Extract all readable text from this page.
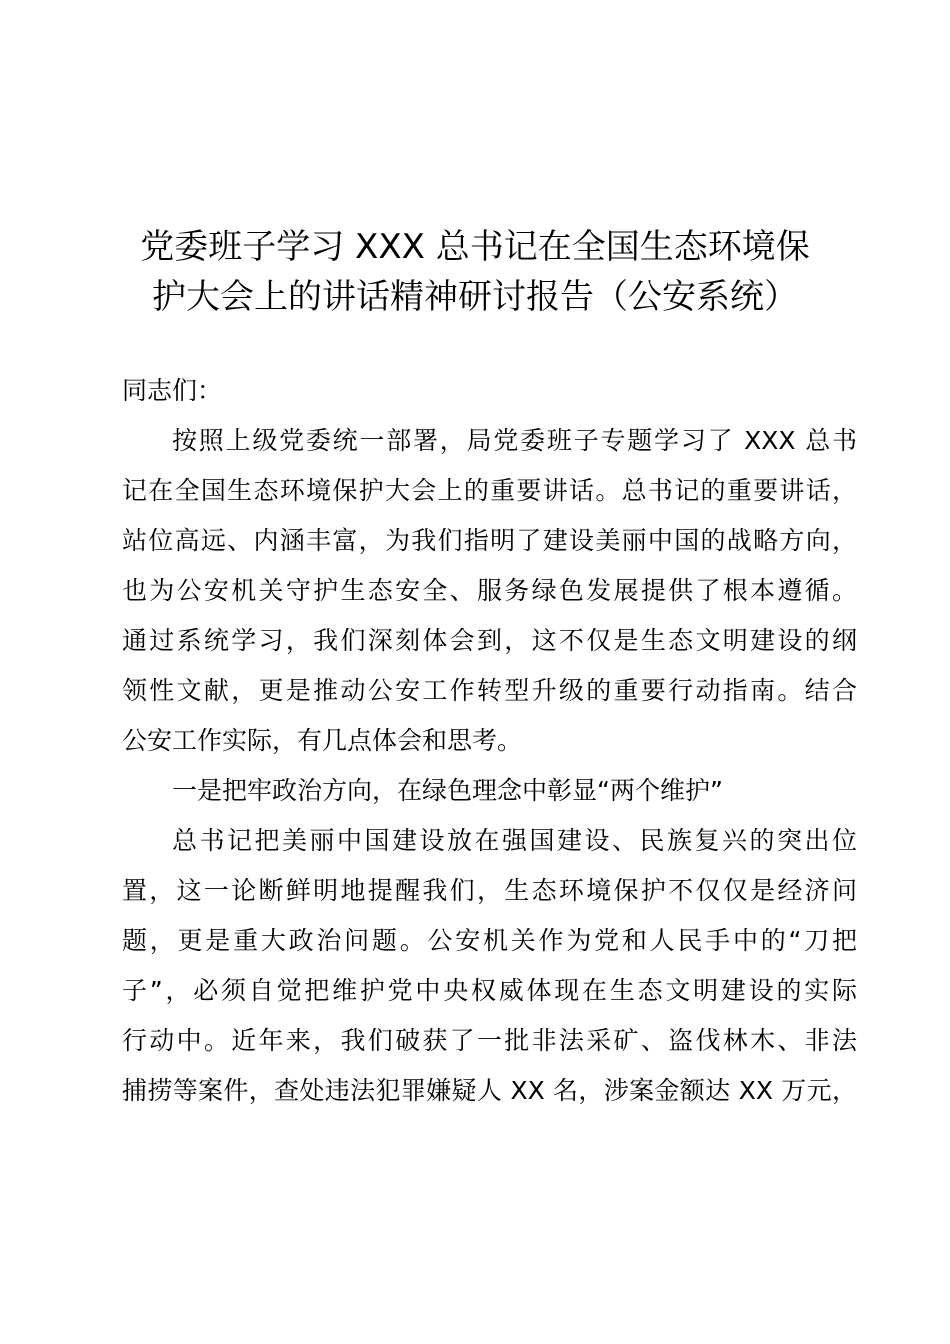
党委班子学习 XXX 总书记在全国生态环境保
护大会上的讲话精神研讨报告（公安系统）
同志们：
按照上级党委统一部署，局党委班子专题学习了 XXX 总书
记在全国生态环境保护大会上的重要讲话。总书记的重要讲话，
站位高远、内涵丰富，为我们指明了建设美丽中国的战略方向，
也为公安机关守护生态安全、服务绿色发展提供了根本遵循。
通过系统学习，我们深刻体会到，这不仅是生态文明建设的纲
领性文献，更是推动公安工作转型升级的重要行动指南。结合
公安工作实际，有几点体会和思考。
一是把牢政治方向，在绿色理念中彰显“两个维护”
总书记把美丽中国建设放在强国建设、民族复兴的突出位
置，这一论断鲜明地提醒我们，生态环境保护不仅仅是经济问
题，更是重大政治问题。公安机关作为党和人民手中的“刀把
子”，必须自觉把维护党中央权威体现在生态文明建设的实际
行动中。近年来，我们破获了一批非法采矿、盗伐林木、非法
捕捞等案件，查处违法犯罪嫌疑人 XX 名，涉案金额达 XX 万元，
